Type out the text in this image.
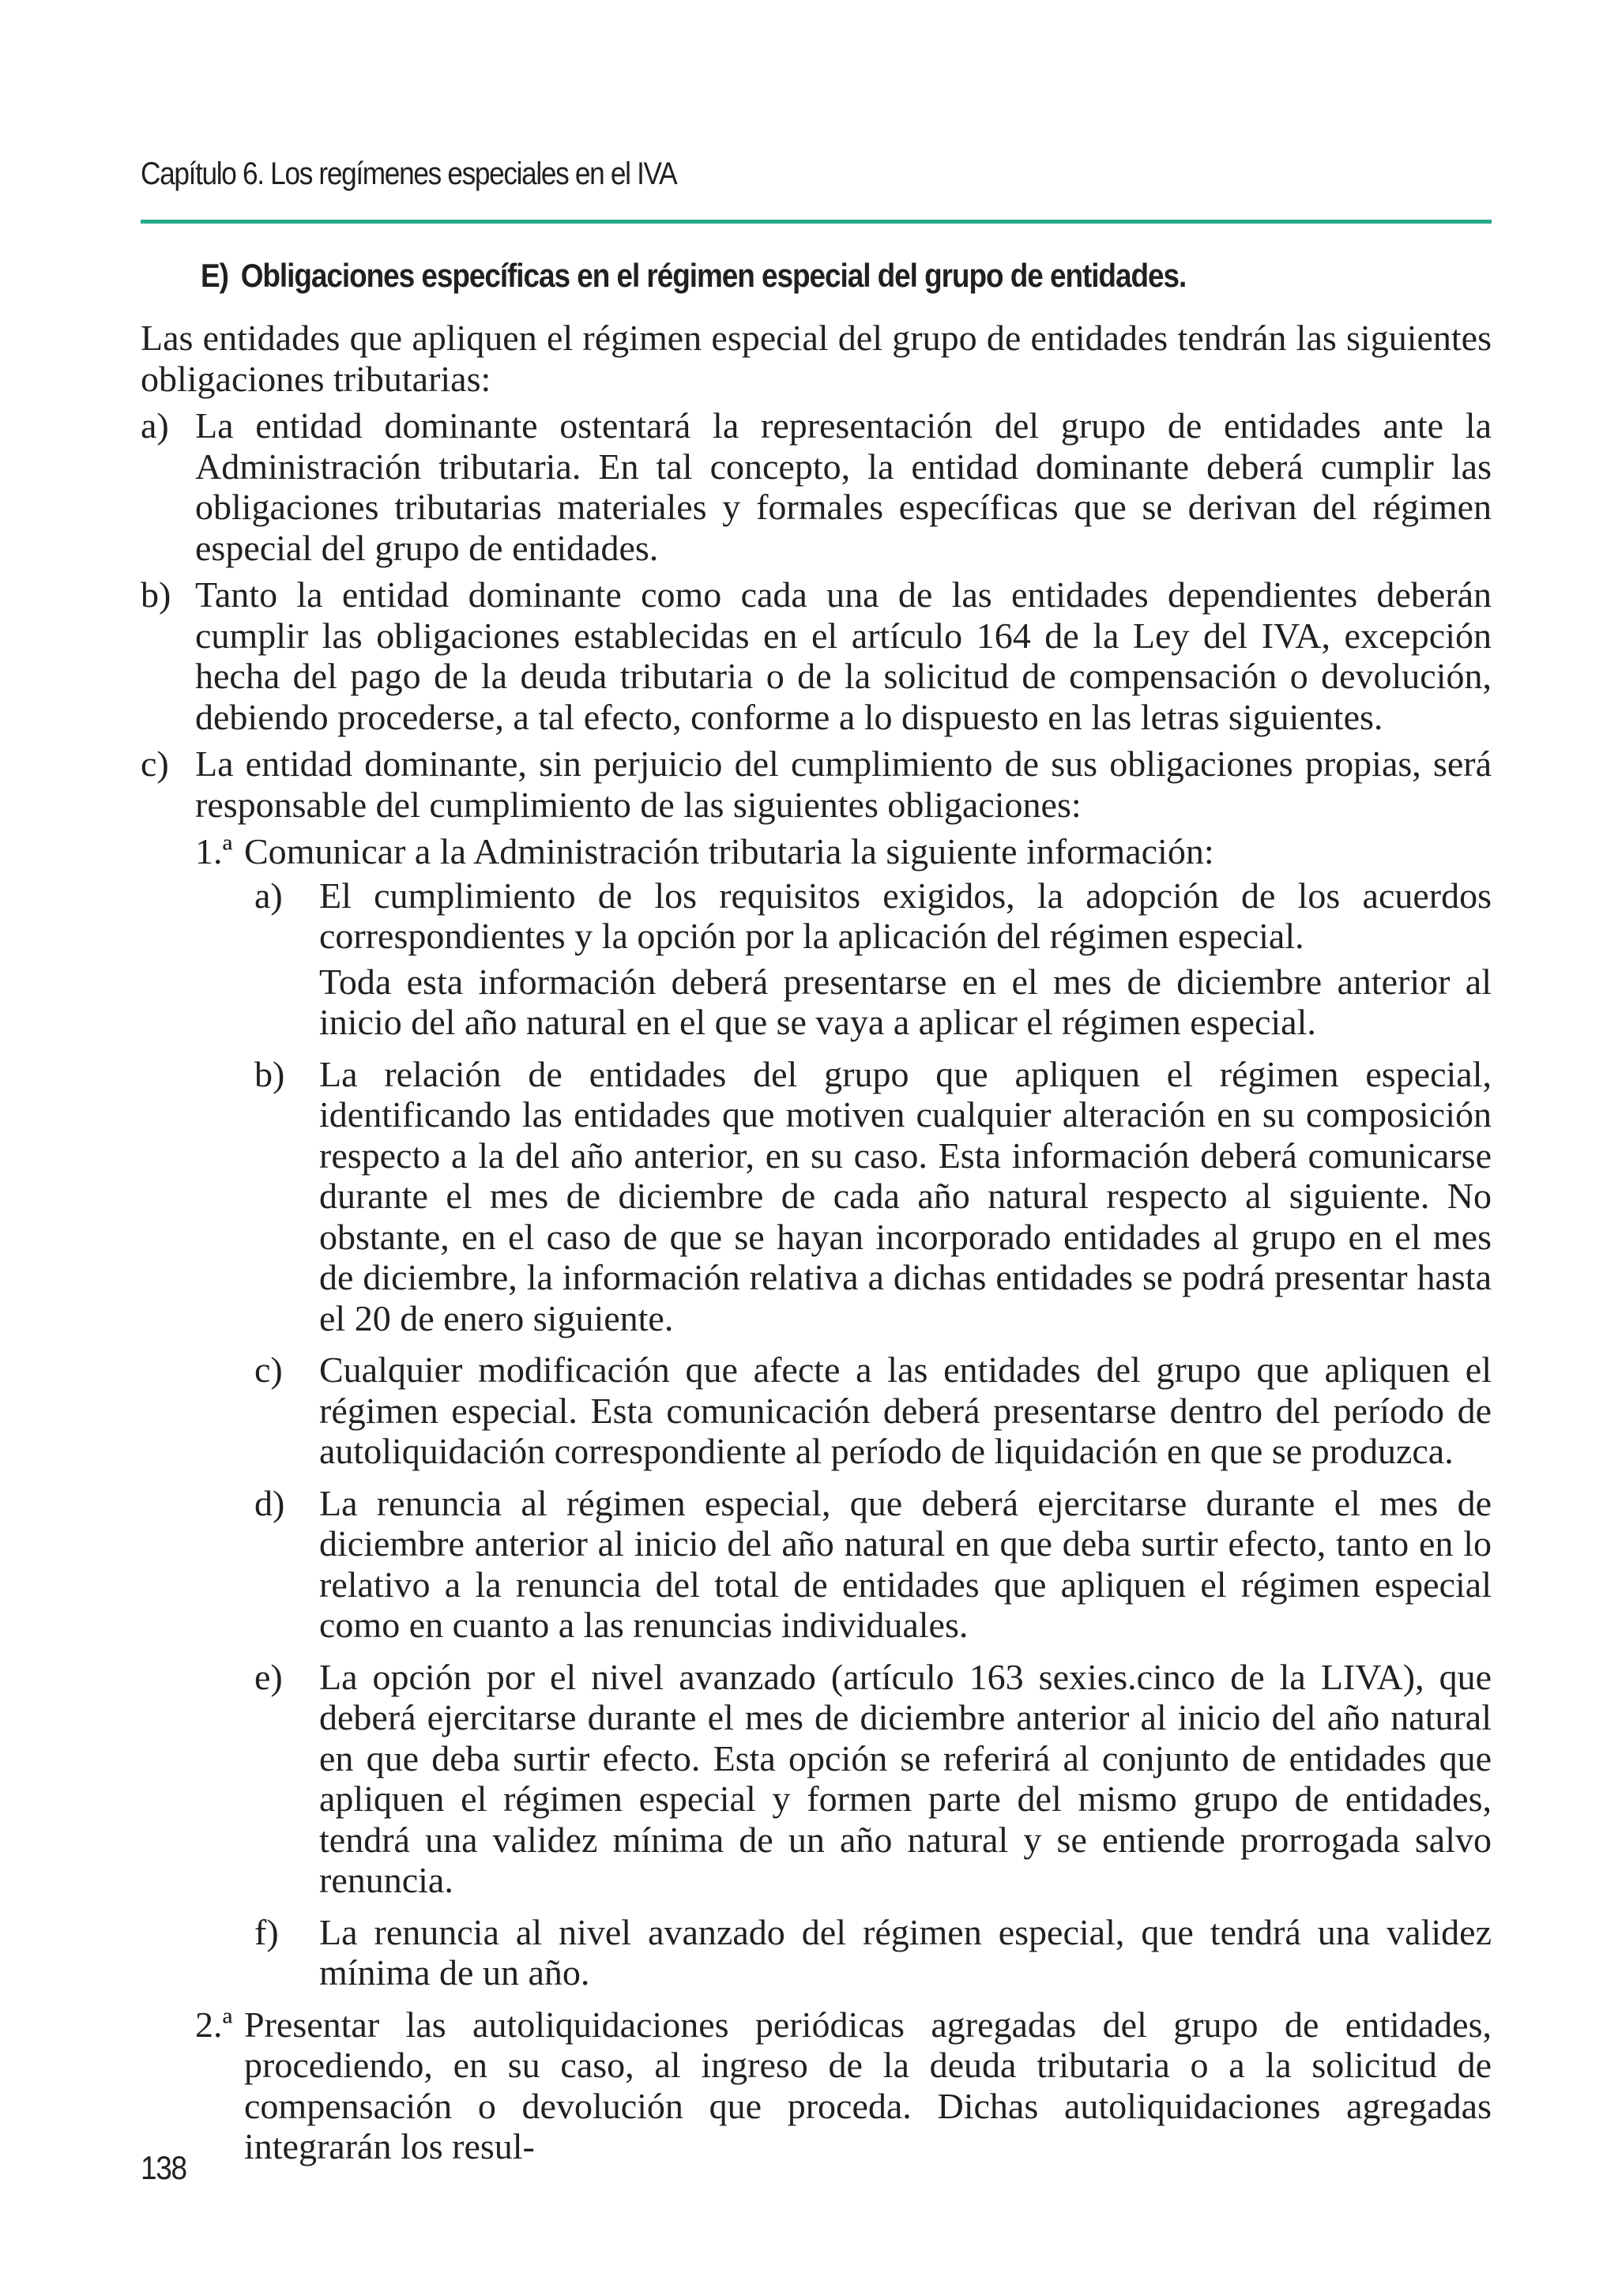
Capítulo 6. Los regímenes especiales en el IVA
E) Obligaciones específicas en el régimen especial del grupo de entidades.

Las entidades que apliquen el régimen especial del grupo de entidades tendrán las siguientes obligaciones tributarias:

a) La entidad dominante ostentará la representación del grupo de entidades ante la Administración tributaria. En tal concepto, la entidad dominante deberá cumplir las obligaciones tributarias materiales y formales específicas que se derivan del régimen especial del grupo de entidades.
b) Tanto la entidad dominante como cada una de las entidades dependientes deberán cumplir las obligaciones establecidas en el artículo 164 de la Ley del IVA, excepción hecha del pago de la deuda tributaria o de la solicitud de compensación o devolución, debiendo procederse, a tal efecto, conforme a lo dispuesto en las letras siguientes.
c) La entidad dominante, sin perjuicio del cumplimiento de sus obligaciones propias, será responsable del cumplimiento de las siguientes obligaciones:
1.ª Comunicar a la Administración tributaria la siguiente información:
a)	El cumplimiento de los requisitos exigidos, la adopción de los acuerdos correspondientes y la opción por la aplicación del régimen especial.

Toda esta información deberá presentarse en el mes de diciembre anterior al inicio del año natural en el que se vaya a aplicar el régimen especial.

b) La relación de entidades del grupo que apliquen el régimen especial, identificando las entidades que motiven cualquier alteración en su composición respecto a la del año anterior, en su caso. Esta información deberá comunicarse durante el mes de diciembre de cada año natural respecto al siguiente. No obstante, en el caso de que se hayan incorporado entidades al grupo en el mes de diciembre, la información relativa a dichas entidades se podrá presentar hasta el 20 de enero siguiente.
c)	Cualquier modificación que afecte a las entidades del grupo que apliquen el régimen especial. Esta comunicación deberá presentarse dentro del período de autoliquidación correspondiente al período de liquidación en que se produzca.
d) La renuncia al régimen especial, que deberá ejercitarse durante el mes de diciembre anterior al inicio del año natural en que deba surtir efecto, tanto en lo relativo a la renuncia del total de entidades que apliquen el régimen especial como en cuanto a las renuncias individuales.
e)	La opción por el nivel avanzado (artículo 163 sexies.cinco de la LIVA), que deberá ejercitarse durante el mes de diciembre anterior al inicio del año natural en que deba surtir efecto. Esta opción se referirá al conjunto de entidades que apliquen el régimen especial y formen parte del mismo grupo de entidades, tendrá una validez mínima de un año natural y se entiende prorrogada salvo renuncia.
f)	La renuncia al nivel avanzado del régimen especial, que tendrá una validez mínima de un año.
2.ª Presentar las autoliquidaciones periódicas agregadas del grupo de entidades, procediendo, en su caso, al ingreso de la deuda tributaria o a la solicitud de compensación o devolución que proceda. Dichas autoliquidaciones agregadas integrarán los resul-
138
